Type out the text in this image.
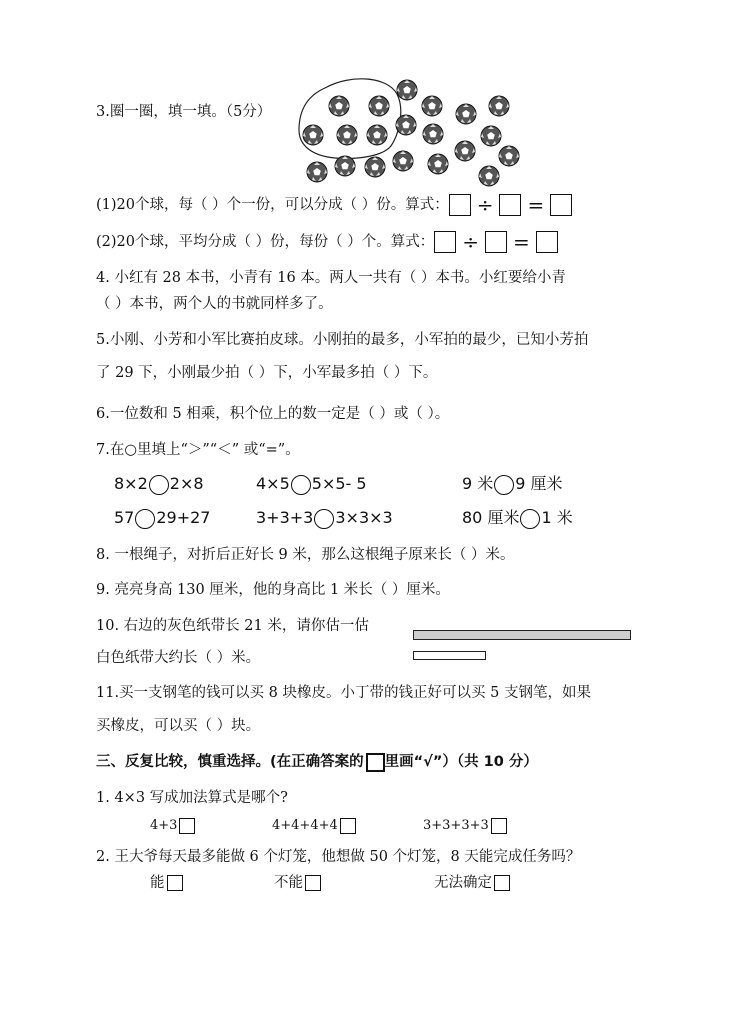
3.圈一圈，填一填。（5分）
(1)20个球，每（ ）个一份，可以分成（ ）份。算式： ÷ =
(2)20个球，平均分成（ ）份，每份（ ）个。算式： ÷ =
4. 小红有 28 本书，小青有 16 本。两人一共有（ ）本书。小红要给小青
（ ）本书，两个人的书就同样多了。
5.小刚、小芳和小军比赛拍皮球。小刚拍的最多，小军拍的最少，已知小芳拍
了 29 下，小刚最少拍（ ）下，小军最多拍（ ）下。
6.一位数和 5 相乘，积个位上的数一定是（ ）或（ ）。
7.在○里填上“＞”“＜” 或“=”。
8×2 2×8	4×5 5×5- 5	9 米 9 厘米
57 29+27	3+3+3 3×3×3	80 厘米 1 米
8. 一根绳子，对折后正好长 9 米，那么这根绳子原来长（ ）米。
9. 亮亮身高 130 厘米，他的身高比 1 米长（ ）厘米。
10. 右边的灰色纸带长 21 米，请你估一估
白色纸带大约长（ ）米。
11.买一支钢笔的钱可以买 8 块橡皮。小丁带的钱正好可以买 5 支钢笔，如果
买橡皮，可以买（ ）块。
三、反复比较，慎重选择。(在正确答案的 里画“√”）（共 10 分）
1. 4×3 写成加法算式是哪个?
4+3	4+4+4+4	3+3+3+3
2. 王大爷每天最多能做 6 个灯笼，他想做 50 个灯笼，8 天能完成任务吗？
能	不能	无法确定
